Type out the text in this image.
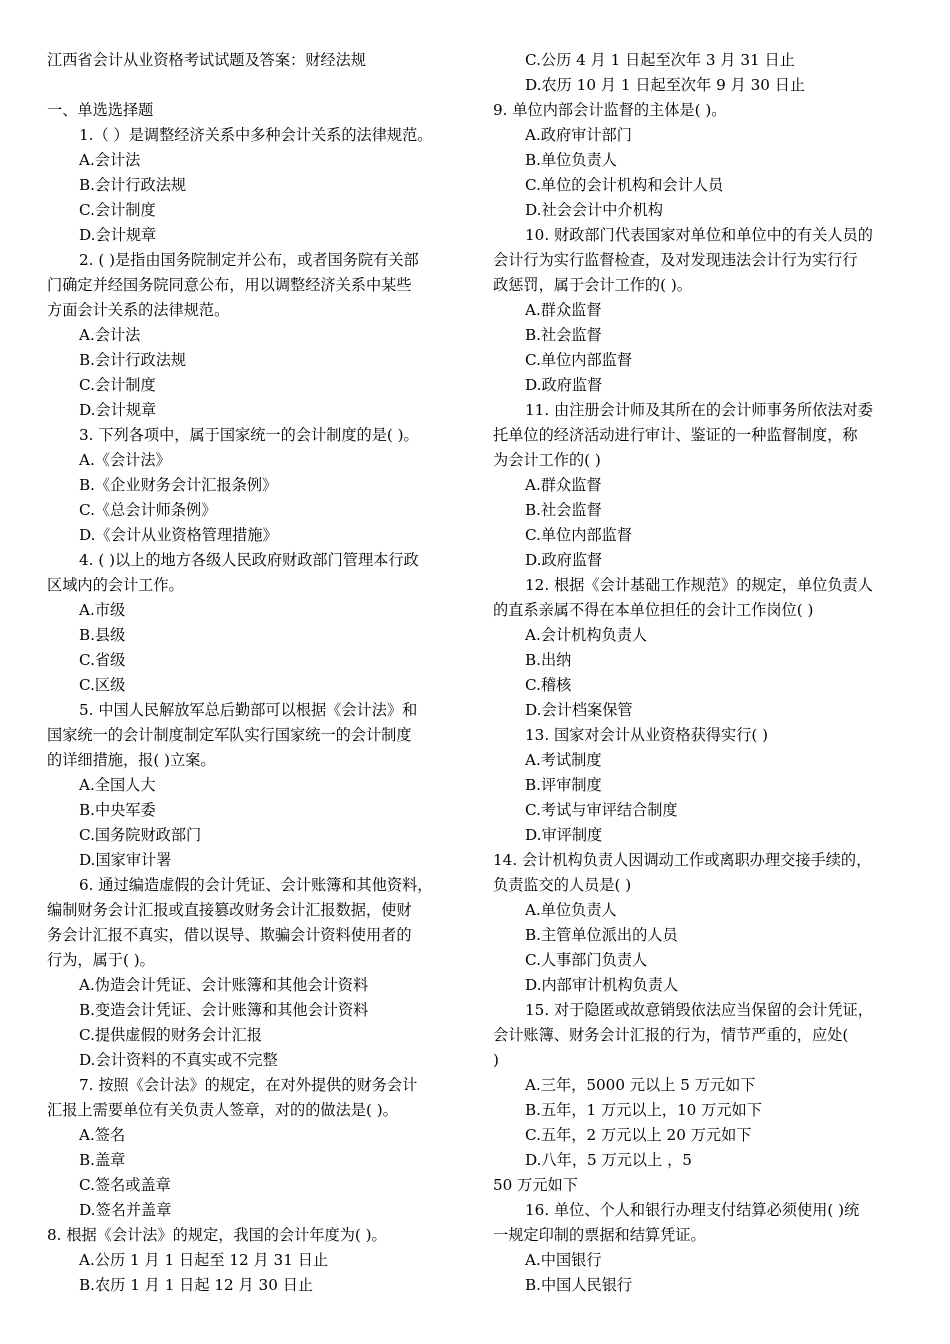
江西省会计从业资格考试试题及答案：财经法规
一、单选选择题
1.（ ）是调整经济关系中多种会计关系的法律规范。
A.会计法
B.会计行政法规
C.会计制度
D.会计规章
2. ( )是指由国务院制定并公布，或者国务院有关部
门确定并经国务院同意公布，用以调整经济关系中某些
方面会计关系的法律规范。
A.会计法
B.会计行政法规
C.会计制度
D.会计规章
3. 下列各项中，属于国家统一的会计制度的是( )。
A.《会计法》
B.《企业财务会计汇报条例》
C.《总会计师条例》
D.《会计从业资格管理措施》
4. ( )以上的地方各级人民政府财政部门管理本行政
区域内的会计工作。
A.市级
B.县级
C.省级
C.区级
5. 中国人民解放军总后勤部可以根据《会计法》和
国家统一的会计制度制定军队实行国家统一的会计制度
的详细措施，报( )立案。
A.全国人大
B.中央军委
C.国务院财政部门
D.国家审计署
6. 通过编造虚假的会计凭证、会计账簿和其他资料，
编制财务会计汇报或直接篡改财务会计汇报数据，使财
务会计汇报不真实，借以误导、欺骗会计资料使用者的
行为，属于( )。
A.伪造会计凭证、会计账簿和其他会计资料
B.变造会计凭证、会计账簿和其他会计资料
C.提供虚假的财务会计汇报
D.会计资料的不真实或不完整
7. 按照《会计法》的规定，在对外提供的财务会计
汇报上需要单位有关负责人签章，对的的做法是( )。
A.签名
B.盖章
C.签名或盖章
D.签名并盖章
8. 根据《会计法》的规定，我国的会计年度为( )。
A.公历 1 月 1 日起至 12 月 31 日止
B.农历 1 月 1 日起 12 月 30 日止
C.公历 4 月 1 日起至次年 3 月 31 日止
D.农历 10 月 1 日起至次年 9 月 30 日止
9. 单位内部会计监督的主体是( )。
A.政府审计部门
B.单位负责人
C.单位的会计机构和会计人员
D.社会会计中介机构
10. 财政部门代表国家对单位和单位中的有关人员的
会计行为实行监督检查，及对发现违法会计行为实行行
政惩罚，属于会计工作的( )。
A.群众监督
B.社会监督
C.单位内部监督
D.政府监督
11. 由注册会计师及其所在的会计师事务所依法对委
托单位的经济活动进行审计、鉴证的一种监督制度，称
为会计工作的( )
A.群众监督
B.社会监督
C.单位内部监督
D.政府监督
12. 根据《会计基础工作规范》的规定，单位负责人
的直系亲属不得在本单位担任的会计工作岗位( )
A.会计机构负责人
B.出纳
C.稽核
D.会计档案保管
13. 国家对会计从业资格获得实行( )
A.考试制度
B.评审制度
C.考试与审评结合制度
D.审评制度
14. 会计机构负责人因调动工作或离职办理交接手续的，
负责监交的人员是( )
A.单位负责人
B.主管单位派出的人员
C.人事部门负责人
D.内部审计机构负责人
15. 对于隐匿或故意销毁依法应当保留的会计凭证，
会计账簿、财务会计汇报的行为，情节严重的，应处(
)
A.三年，5000 元以上 5 万元如下
B.五年，1 万元以上，10 万元如下
C.五年，2 万元以上 20 万元如下
D.八年，5 万元以上 ，5
50 万元如下
16. 单位、个人和银行办理支付结算必须使用( )统
一规定印制的票据和结算凭证。
A.中国银行
B.中国人民银行
